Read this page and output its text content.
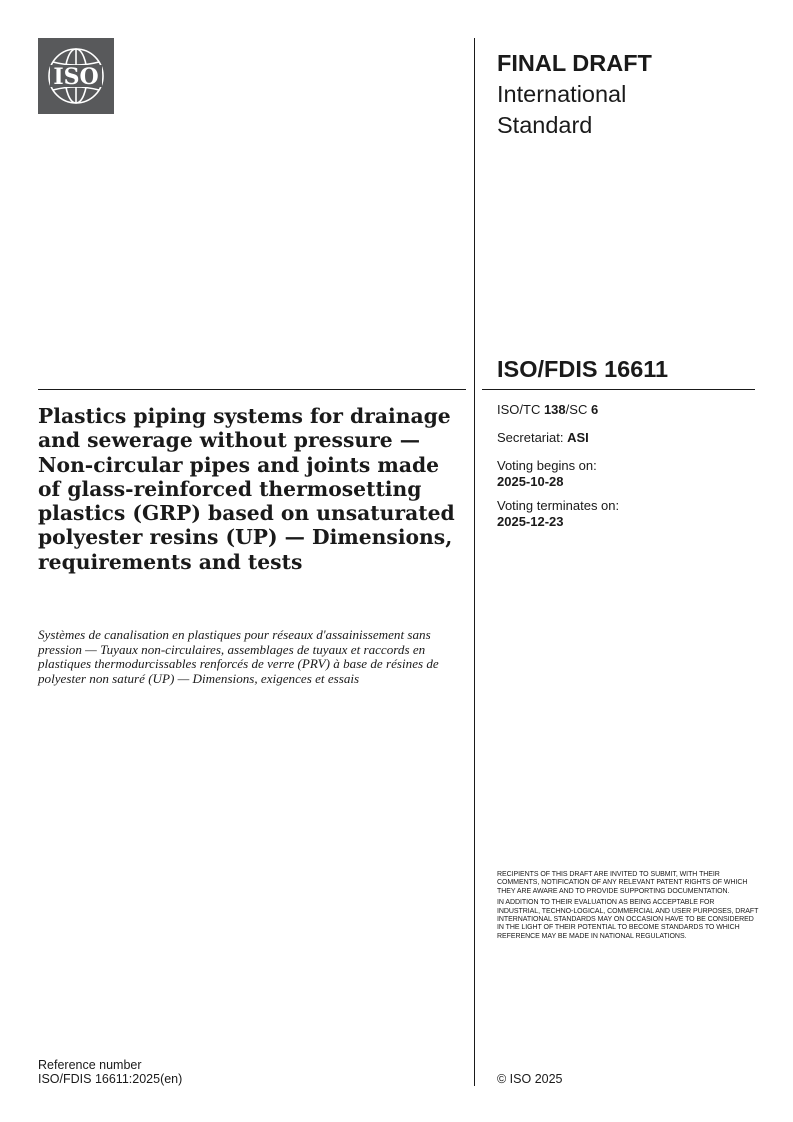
ISO
FINAL DRAFT
International
Standard
ISO/FDIS 16611
ISO/TC 138/SC 6
Secretariat: ASI
Voting begins on:
2025-10-28
Voting terminates on:
2025-12-23
Plastics piping systems for drainage and sewerage without pressure — Non-circular pipes and joints made of glass-reinforced thermosetting plastics (GRP) based on unsaturated polyester resins (UP) — Dimensions, requirements and tests
Systèmes de canalisation en plastiques pour réseaux d'assainissement sans pression — Tuyaux non-circulaires, assemblages de tuyaux et raccords en plastiques thermodurcissables renforcés de verre (PRV) à base de résines de polyester non saturé (UP) — Dimensions, exigences et essais

RECIPIENTS OF THIS DRAFT ARE INVITED TO SUBMIT, WITH THEIR COMMENTS, NOTIFICATION OF ANY RELEVANT PATENT RIGHTS OF WHICH THEY ARE AWARE AND TO PROVIDE SUPPORTING DOCUMENTATION.

IN ADDITION TO THEIR EVALUATION AS BEING ACCEPTABLE FOR INDUSTRIAL, TECHNO-LOGICAL, COMMERCIAL AND USER PURPOSES, DRAFT INTERNATIONAL STANDARDS MAY ON OCCASION HAVE TO BE CONSIDERED IN THE LIGHT OF THEIR POTENTIAL TO BECOME STANDARDS TO WHICH REFERENCE MAY BE MADE IN NATIONAL REGULATIONS.

Reference number
ISO/FDIS 16611:2025(en)	© ISO 2025
